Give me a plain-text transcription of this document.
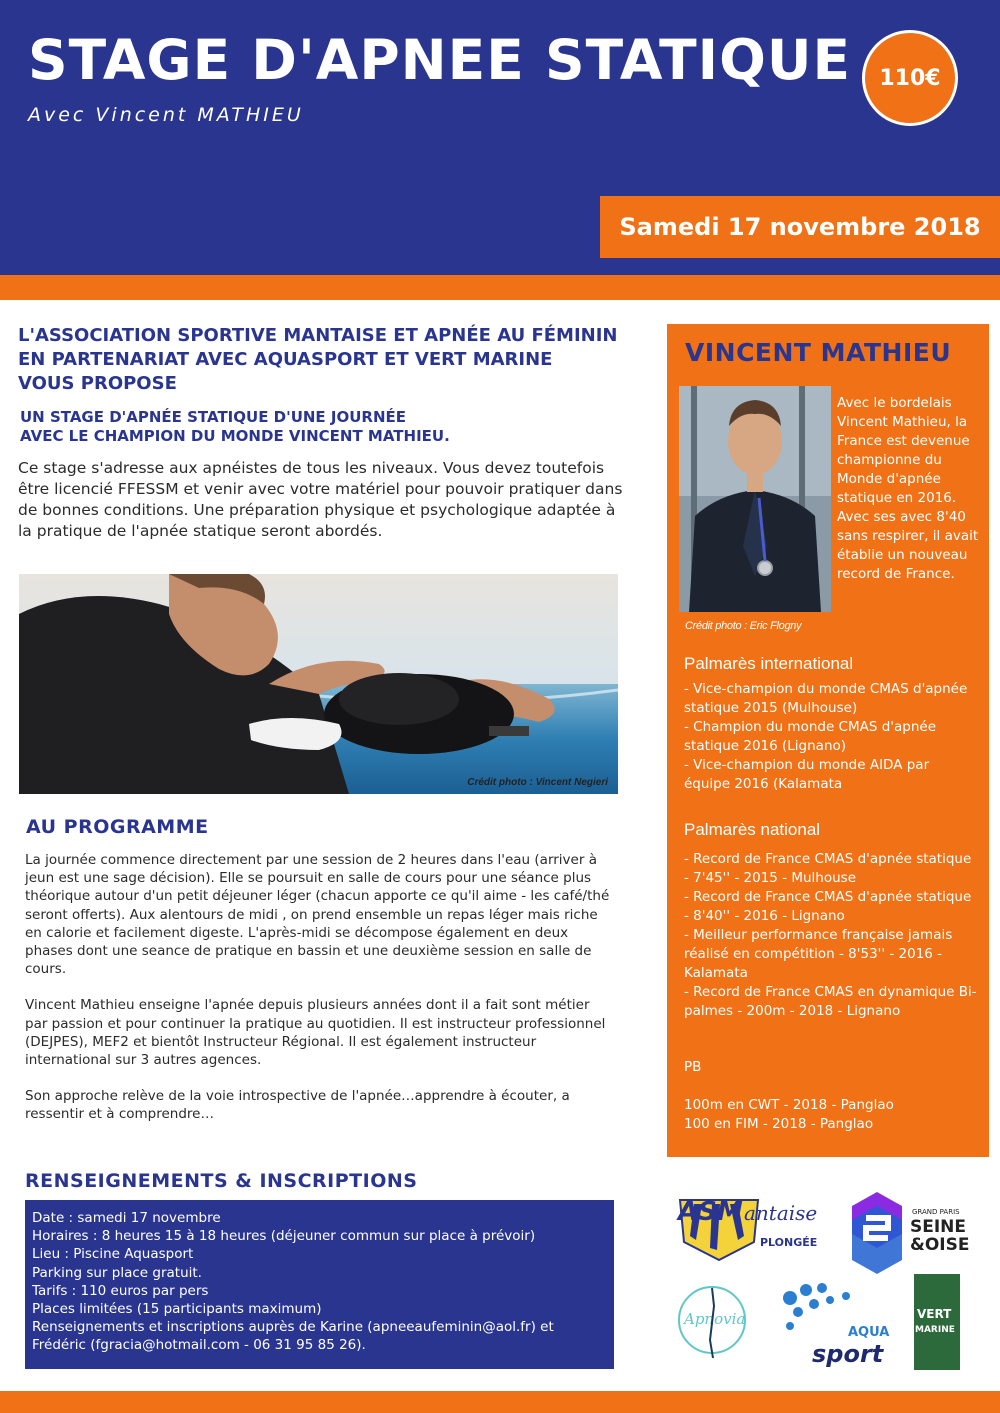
STAGE D'APNEE STATIQUE
Avec Vincent MATHIEU
110€
Samedi 17 novembre 2018
L'ASSOCIATION SPORTIVE MANTAISE ET APNÉE AU FÉMININ
EN PARTENARIAT AVEC AQUASPORT ET VERT MARINE
VOUS PROPOSE
UN STAGE D'APNÉE STATIQUE D'UNE JOURNÉE
AVEC LE CHAMPION DU MONDE VINCENT MATHIEU.
Ce stage s'adresse aux apnéistes de tous les niveaux. Vous devez toutefois être licencié FFESSM et venir avec votre matériel pour pouvoir pratiquer dans de bonnes conditions. Une préparation physique et psychologique adaptée à la pratique de l'apnée statique seront abordés.
Crédit photo : Vincent Negieri
AU PROGRAMME

La journée commence directement par une session de 2 heures dans l'eau (arriver à jeun est une sage décision). Elle se poursuit en salle de cours pour une séance plus théorique autour d'un petit déjeuner léger (chacun apporte ce qu'il aime - les café/thé seront offerts). Aux alentours de midi , on prend ensemble un repas léger mais riche en calorie et facilement digeste. L'après-midi se décompose également en deux phases dont une seance de pratique en bassin et une deuxième session en salle de cours.

Vincent Mathieu enseigne l'apnée depuis plusieurs années dont il a fait sont métier par passion et pour continuer la pratique au quotidien. Il est instructeur professionnel (DEJPES), MEF2 et bientôt Instructeur Régional. Il est également instructeur international sur 3 autres agences.

Son approche relève de la voie introspective de l'apnée…apprendre à écouter, a ressentir et à comprendre…

RENSEIGNEMENTS & INSCRIPTIONS
Date : samedi 17 novembre
Horaires : 8 heures 15 à 18 heures (déjeuner commun sur place à prévoir)
Lieu : Piscine Aquasport
Parking sur place gratuit.
Tarifs : 110 euros par pers
Places limitées (15 participants maximum)
Renseignements et inscriptions auprès de Karine (apneeaufeminin@aol.fr) et Frédéric (fgracia@hotmail.com - 06 31 95 85 26).
VINCENT MATHIEU
Avec le bordelais Vincent Mathieu, la France est devenue championne du Monde d'apnée statique en 2016. Avec ses avec 8'40 sans respirer, il avait établie un nouveau record de France.
Crédit photo : Eric Flogny
Palmarès international
- Vice-champion du monde CMAS d'apnée statique 2015 (Mulhouse)
- Champion du monde CMAS d'apnée statique 2016 (Lignano)
- Vice-champion du monde AIDA par équipe 2016 (Kalamata
Palmarès national
- Record de France CMAS d'apnée statique - 7'45'' - 2015 - Mulhouse
- Record de France CMAS d'apnée statique - 8'40'' - 2016 - Lignano
- Meilleur performance française jamais réalisé en compétition - 8'53'' - 2016 - Kalamata
- Record de France CMAS en dynamique Bi-palmes - 200m - 2018 - Lignano
PB
100m en CWT - 2018 - Panglao
100 en FIM - 2018 - Panglao
ASM antaise
PLONGÉE
GRAND PARIS
SEINE
&OISE
Apnovia
AQUA
sport
VERT
MARINE
